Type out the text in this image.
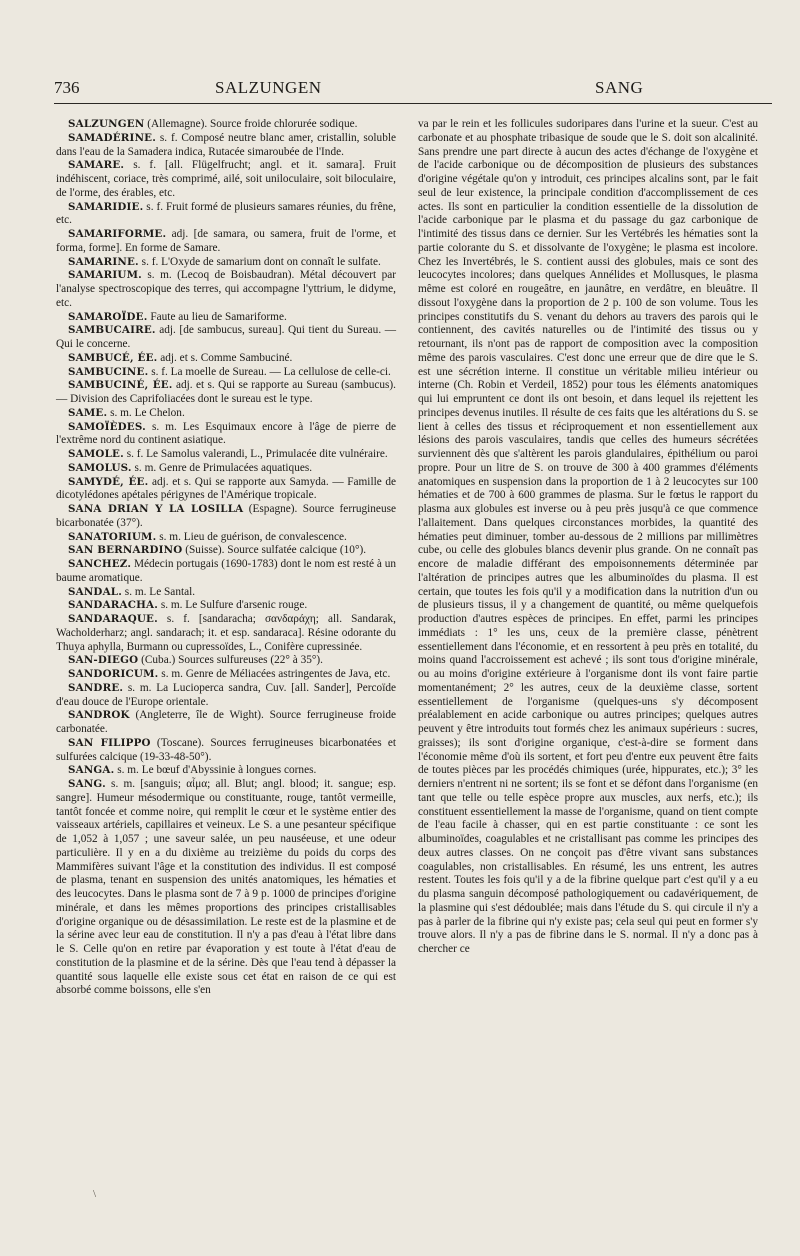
736	SALZUNGEN	SANG

SALZUNGEN (Allemagne). Source froide chlorurée sodique.

SAMADÉRINE. s. f. Composé neutre blanc amer, cristallin, soluble dans l'eau de la Samadera indica, Rutacée simaroubée de l'Inde.

SAMARE. s. f. [all. Flügelfrucht; angl. et it. samara]. Fruit indéhiscent, coriace, très comprimé, ailé, soit uniloculaire, soit biloculaire, de l'orme, des érables, etc.

SAMARIDIE. s. f. Fruit formé de plusieurs samares réunies, du frêne, etc.

SAMARIFORME. adj. [de samara, ou samera, fruit de l'orme, et forma, forme]. En forme de Samare.

SAMARINE. s. f. L'Oxyde de samarium dont on connaît le sulfate.

SAMARIUM. s. m. (Lecoq de Boisbaudran). Métal découvert par l'analyse spectroscopique des terres, qui accompagne l'yttrium, le didyme, etc.

SAMAROÏDE. Faute au lieu de Samariforme.

SAMBUCAIRE. adj. [de sambucus, sureau]. Qui tient du Sureau. — Qui le concerne.

SAMBUCÉ, ÉE. adj. et s. Comme Sambuciné.

SAMBUCINE. s. f. La moelle de Sureau. — La cellulose de celle-ci.

SAMBUCINÉ, ÉE. adj. et s. Qui se rapporte au Sureau (sambucus). — Division des Caprifoliacées dont le sureau est le type.

SAME. s. m. Le Chelon.

SAMOÏÈDES. s. m. Les Esquimaux encore à l'âge de pierre de l'extrême nord du continent asiatique.

SAMOLE. s. f. Le Samolus valerandi, L., Primulacée dite vulnéraire.

SAMOLUS. s. m. Genre de Primulacées aquatiques.

SAMYDÉ, ÉE. adj. et s. Qui se rapporte aux Samyda. — Famille de dicotylédones apétales périgynes de l'Amérique tropicale.

SANA DRIAN Y LA LOSILLA (Espagne). Source ferrugineuse bicarbonatée (37°).

SANATORIUM. s. m. Lieu de guérison, de convalescence.

SAN BERNARDINO (Suisse). Source sulfatée calcique (10°).

SANCHEZ. Médecin portugais (1690-1783) dont le nom est resté à un baume aromatique.

SANDAL. s. m. Le Santal.

SANDARACHA. s. m. Le Sulfure d'arsenic rouge.

SANDARAQUE. s. f. [sandaracha; σανδαράχη; all. Sandarak, Wacholderharz; angl. sandarach; it. et esp. sandaraca]. Résine odorante du Thuya aphylla, Burmann ou cupressoïdes, L., Conifère cupressinée.

SAN-DIEGO (Cuba.) Sources sulfureuses (22° à 35°).

SANDORICUM. s. m. Genre de Méliacées astringentes de Java, etc.

SANDRE. s. m. La Lucioperca sandra, Cuv. [all. Sander], Percoïde d'eau douce de l'Europe orientale.

SANDROK (Angleterre, île de Wight). Source ferrugineuse froide carbonatée.

SAN FILIPPO (Toscane). Sources ferrugineuses bicarbonatées et sulfurées calcique (19-33-48-50°).

SANGA. s. m. Le bœuf d'Abyssinie à longues cornes.

SANG. s. m. [sanguis; αἷμα; all. Blut; angl. blood; it. sangue; esp. sangre]. Humeur mésodermique ou constituante, rouge, tantôt vermeille, tantôt foncée et comme noire, qui remplit le cœur et le système entier des vaisseaux artériels, capillaires et veineux. Le S. a une pesanteur spécifique de 1,052 à 1,057 ; une saveur salée, un peu nauséeuse, et une odeur particulière. Il y en a du dixième au treizième du poids du corps des Mammifères suivant l'âge et la constitution des individus. Il est composé de plasma, tenant en suspension des unités anatomiques, les hématies et des leucocytes. Dans le plasma sont de 7 à 9 p. 1000 de principes d'origine minérale, et dans les mêmes proportions des principes cristallisables d'origine organique ou de désassimilation. Le reste est de la plasmine et de la sérine avec leur eau de constitution. Il n'y a pas d'eau à l'état libre dans le S. Celle qu'on en retire par évaporation y est toute à l'état d'eau de constitution de la plasmine et de la sérine. Dès que l'eau tend à dépasser la quantité sous laquelle elle existe sous cet état en raison de ce qui est absorbé comme boissons, elle s'en

va par le rein et les follicules sudoripares dans l'urine et la sueur. C'est au carbonate et au phosphate tribasique de soude que le S. doit son alcalinité. Sans prendre une part directe à aucun des actes d'échange de l'oxygène et de l'acide carbonique ou de décomposition de plusieurs des substances d'origine végétale qu'on y introduit, ces principes alcalins sont, par le fait seul de leur existence, la principale condition d'accomplissement de ces actes. Ils sont en particulier la condition essentielle de la dissolution de l'acide carbonique par le plasma et du passage du gaz carbonique de l'intimité des tissus dans ce dernier. Sur les Vertébrés les hématies sont la partie colorante du S. et dissolvante de l'oxygène; le plasma est incolore. Chez les Invertébrés, le S. contient aussi des globules, mais ce sont des leucocytes incolores; dans quelques Annélides et Mollusques, le plasma même est coloré en rougeâtre, en jaunâtre, en verdâtre, en bleuâtre. Il dissout l'oxygène dans la proportion de 2 p. 100 de son volume. Tous les principes constitutifs du S. venant du dehors au travers des parois qui le contiennent, des cavités naturelles ou de l'intimité des tissus ou y retournant, ils n'ont pas de rapport de composition avec la composition même des parois vasculaires. C'est donc une erreur que de dire que le S. est une sécrétion interne. Il constitue un véritable milieu intérieur ou interne (Ch. Robin et Verdeil, 1852) pour tous les éléments anatomiques qui lui empruntent ce dont ils ont besoin, et dans lequel ils rejettent les principes devenus inutiles. Il résulte de ces faits que les altérations du S. se lient à celles des tissus et réciproquement et non essentiellement aux lésions des parois vasculaires, tandis que celles des humeurs sécrétées surviennent dès que s'altèrent les parois glandulaires, épithélium ou paroi propre. Pour un litre de S. on trouve de 300 à 400 grammes d'éléments anatomiques en suspension dans la proportion de 1 à 2 leucocytes sur 100 hématies et de 700 à 600 grammes de plasma. Sur le fœtus le rapport du plasma aux globules est inverse ou à peu près jusqu'à ce que commence l'allaitement. Dans quelques circonstances morbides, la quantité des hématies peut diminuer, tomber au-dessous de 2 millions par millimètres cube, ou celle des globules blancs devenir plus grande. On ne connaît pas encore de maladie différant des empoisonnements déterminée par l'altération de principes autres que les albuminoïdes du plasma. Il est certain, que toutes les fois qu'il y a modification dans la nutrition d'un ou de plusieurs tissus, il y a changement de quantité, ou même quelquefois production d'autres espèces de principes. En effet, parmi les principes immédiats : 1° les uns, ceux de la première classe, pénètrent essentiellement dans l'économie, et en ressortent à peu près en totalité, du moins quand l'accroissement est achevé ; ils sont tous d'origine minérale, ou au moins d'origine extérieure à l'organisme dont ils vont faire partie momentanément; 2° les autres, ceux de la deuxième classe, sortent essentiellement de l'organisme (quelques-uns s'y décomposent préalablement en acide carbonique ou autres principes; quelques autres peuvent y être introduits tout formés chez les animaux supérieurs : sucres, graisses); ils sont d'origine organique, c'est-à-dire se forment dans l'économie même d'où ils sortent, et fort peu d'entre eux peuvent être faits de toutes pièces par les procédés chimiques (urée, hippurates, etc.); 3° les derniers n'entrent ni ne sortent; ils se font et se défont dans l'organisme (en tant que telle ou telle espèce propre aux muscles, aux nerfs, etc.); ils constituent essentiellement la masse de l'organisme, quand on tient compte de l'eau facile à chasser, qui en est partie constituante : ce sont les albuminoïdes, coagulables et ne cristallisant pas comme les principes des deux autres classes. On ne conçoit pas d'être vivant sans substances coagulables, non cristallisables. En résumé, les uns entrent, les autres restent. Toutes les fois qu'il y a de la fibrine quelque part c'est qu'il y a eu du plasma sanguin décomposé pathologiquement ou cadavériquement, de la plasmine qui s'est dédoublée; mais dans l'étude du S. qui circule il n'y a pas à parler de la fibrine qui n'y existe pas; cela seul qui peut en former s'y trouve alors. Il n'y a pas de fibrine dans le S. normal. Il n'y a donc pas à chercher ce

\
